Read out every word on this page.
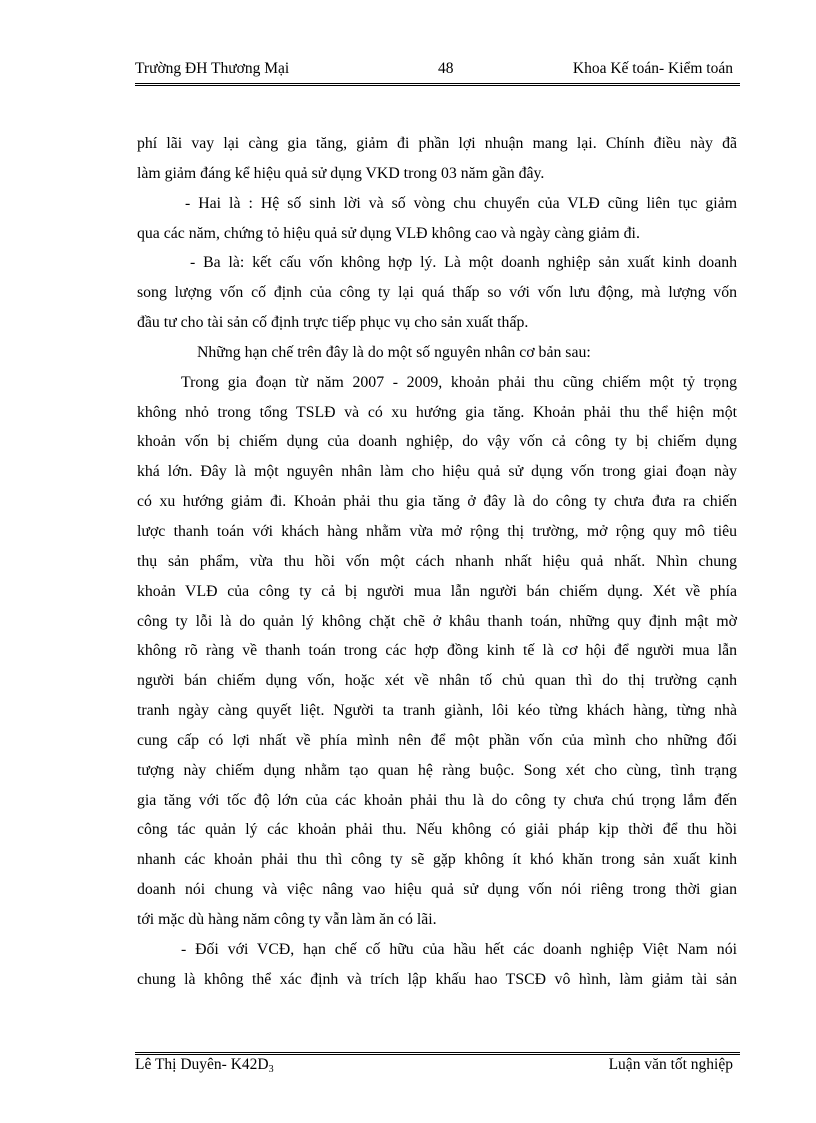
Trường ĐH Thương Mại	48	Khoa Kế toán- Kiểm toán
phí lãi vay lại càng gia tăng, giảm đi phần lợi nhuận mang lại. Chính điều này đã
làm giảm đáng kể hiệu quả sử dụng VKD trong 03 năm gần đây.
- Hai là : Hệ số sinh lời và số vòng chu chuyển của VLĐ cũng liên tục giảm
qua các năm, chứng tỏ hiệu quả sử dụng VLĐ không cao và ngày càng giảm đi.
- Ba là: kết cấu vốn không hợp lý. Là một doanh nghiệp sản xuất kinh doanh
song lượng vốn cố định của công ty lại quá thấp so với vốn lưu động, mà lượng vốn
đầu tư cho tài sản cố định trực tiếp phục vụ cho sản xuất thấp.
Những hạn chế trên đây là do một số nguyên nhân cơ bản sau:
Trong gia đoạn từ năm 2007 - 2009, khoản phải thu cũng chiếm một tỷ trọng
không nhỏ trong tổng TSLĐ và có xu hướng gia tăng. Khoản phải thu thể hiện một
khoản vốn bị chiếm dụng của doanh nghiệp, do vậy vốn cả công ty bị chiếm dụng
khá lớn. Đây là một nguyên nhân làm cho hiệu quả sử dụng vốn trong giai đoạn này
có xu hướng giảm đi. Khoản phải thu gia tăng ở đây là do công ty chưa đưa ra chiến
lược thanh toán với khách hàng nhằm vừa mở rộng thị trường, mở rộng quy mô tiêu
thụ sản phẩm, vừa thu hồi vốn một cách nhanh nhất hiệu quả nhất. Nhìn chung
khoản VLĐ của công ty cả bị người mua lẫn người bán chiếm dụng. Xét về phía
công ty lỗi là do quản lý không chặt chẽ ở khâu thanh toán, những quy định mật mờ
không rõ ràng về thanh toán trong các hợp đồng kinh tế là cơ hội để người mua lẫn
người bán chiếm dụng vốn, hoặc xét về nhân tố chủ quan thì do thị trường cạnh
tranh ngày càng quyết liệt. Người ta tranh giành, lôi kéo từng khách hàng, từng nhà
cung cấp có lợi nhất về phía mình nên để một phần vốn của mình cho những đối
tượng này chiếm dụng nhằm tạo quan hệ ràng buộc. Song xét cho cùng, tình trạng
gia tăng với tốc độ lớn của các khoản phải thu là do công ty chưa chú trọng lắm đến
công tác quản lý các khoản phải thu. Nếu không có giải pháp kịp thời để thu hồi
nhanh các khoản phải thu thì công ty sẽ gặp không ít khó khăn trong sản xuất kinh
doanh nói chung và việc nâng vao hiệu quả sử dụng vốn nói riêng trong thời gian
tới mặc dù hàng năm công ty vẫn làm ăn có lãi.
- Đối với VCĐ, hạn chế cố hữu của hầu hết các doanh nghiệp Việt Nam nói
chung là không thể xác định và trích lập khấu hao TSCĐ vô hình, làm giảm tài sản
Lê Thị Duyên- $K42D_3$	Luận văn tốt nghiệp
